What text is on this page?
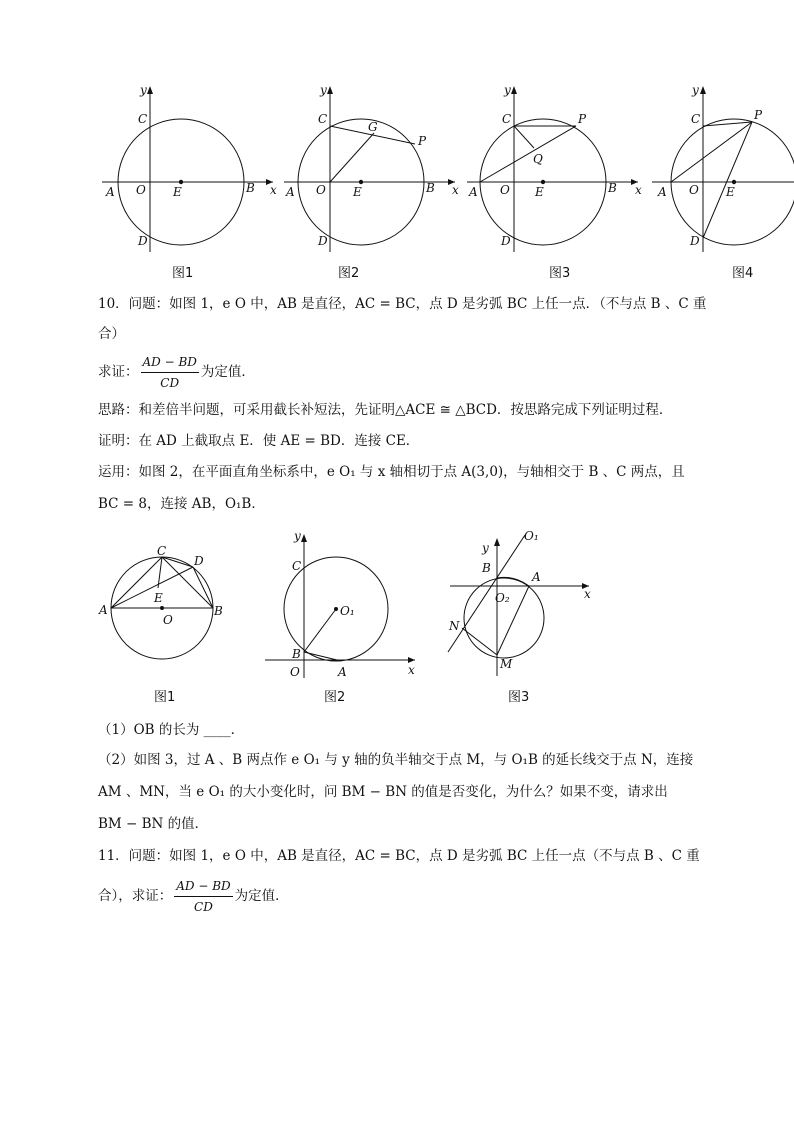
y
x
A	B
C
D
O E
图1
y
x
A	B
C
D
O E
G
P
图2
y
x
A	B
C
D
O E
Q
P
图3
y
A
C
D
O E
P
图4
10．问题：如图 1，e O 中，AB 是直径，AC = BC，点 D 是劣弧 BC 上任一点．（不与点 B 、C 重
合）
求证： $\frac{AD - BD}{CD}$ 为定值．
思路：和差倍半问题，可采用截长补短法，先证明△ACE ≅ △BCD．按思路完成下列证明过程．
证明：在 AD 上截取点 E．使 AE = BD．连接 CE．
运用：如图 2，在平面直角坐标系中，e O₁ 与 x 轴相切于点 A(3,0)，与轴相交于 B 、C 两点，且
BC = 8，连接 AB，O₁B．
C
D
A	B
E
O
图1
y
x
C
O₁
B
O	A
图2
y
O₁
x
B
A
O₂
N
M
图3
（1）OB 的长为 ____．
（2）如图 3，过 A 、B 两点作 e O₁ 与 y 轴的负半轴交于点 M，与 O₁B 的延长线交于点 N，连接
AM 、MN，当 e O₁ 的大小变化时，问 BM − BN 的值是否变化，为什么？如果不变，请求出
BM − BN 的值．
11．问题：如图 1，e O 中，AB 是直径，AC = BC，点 D 是劣弧 BC 上任一点（不与点 B 、C 重
合），求证： $\frac{AD - BD}{CD}$ 为定值．
